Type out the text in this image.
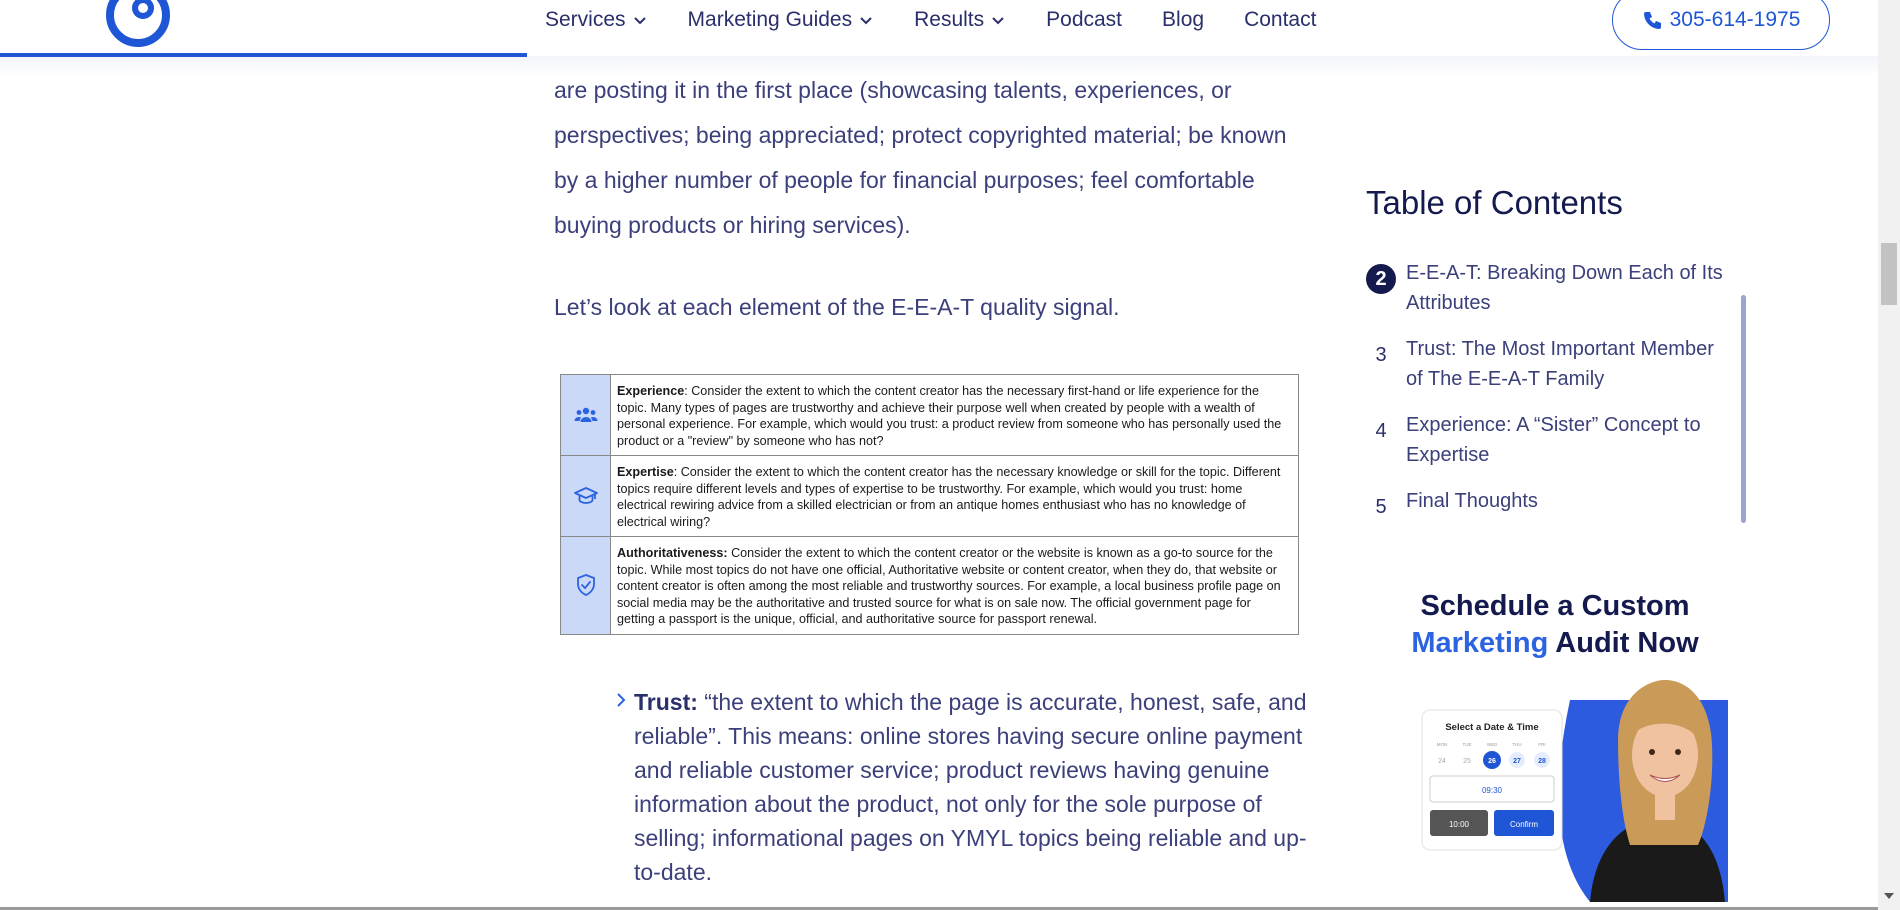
Services	Marketing Guides	Results	Podcast Blog Contact	305-614-1975

are posting it in the first place (showcasing talents, experiences, or perspectives; being appreciated; protect copyrighted material; be known by a higher number of people for financial purposes; feel comfortable buying products or hiring services).

Let’s look at each element of the E-E-A-T quality signal.

Experience: Consider the extent to which the content creator has the necessary first-hand or life experience for the topic. Many types of pages are trustworthy and achieve their purpose well when created by people with a wealth of personal experience. For example, which would you trust: a product review from someone who has personally used the product or a "review" by someone who has not?
Expertise: Consider the extent to which the content creator has the necessary knowledge or skill for the topic. Different topics require different levels and types of expertise to be trustworthy. For example, which would you trust: home electrical rewiring advice from a skilled electrician or from an antique homes enthusiast who has no knowledge of electrical wiring?
Authoritativeness: Consider the extent to which the content creator or the website is known as a go-to source for the topic. While most topics do not have one official, Authoritative website or content creator, when they do, that website or content creator is often among the most reliable and trustworthy sources. For example, a local business profile page on social media may be the authoritative and trusted source for what is on sale now. The official government page for getting a passport is the unique, official, and authoritative source for passport renewal.

Trust: “the extent to which the page is accurate, honest, safe, and reliable”. This means: online stores having secure online payment and reliable customer service; product reviews having genuine information about the product, not only for the sole purpose of selling; informational pages on YMYL topics being reliable and up-to-date.

Table of Contents
2 E-E-A-T: Breaking Down Each of Its Attributes
3 Trust: The Most Important Member of The E-E-A-T Family
4 Experience: A “Sister” Concept to Expertise
5 Final Thoughts
Schedule a Custom
Marketing Audit Now
Select a Date & Time
MON	TUE	WED	THU	FRI
24 25 26 27 28
09:30
10:00	Confirm
